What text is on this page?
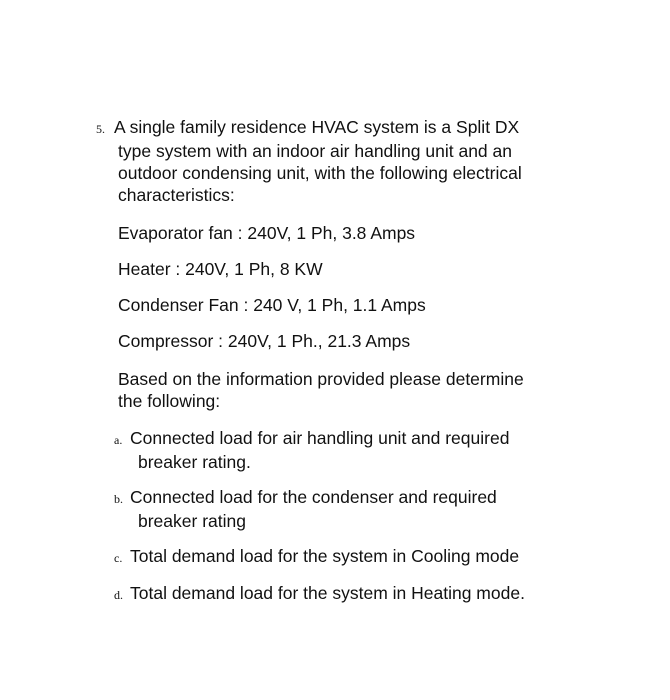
5. A single family residence HVAC system is a Split DX
type system with an indoor air handling unit and an
outdoor condensing unit, with the following electrical
characteristics:
Evaporator fan : 240V, 1 Ph, 3.8 Amps
Heater : 240V, 1 Ph, 8 KW
Condenser Fan : 240 V, 1 Ph, 1.1 Amps
Compressor : 240V, 1 Ph., 21.3 Amps
Based on the information provided please determine
the following:
a. Connected load for air handling unit and required
breaker rating.
b. Connected load for the condenser and required
breaker rating
c. Total demand load for the system in Cooling mode
d. Total demand load for the system in Heating mode.
